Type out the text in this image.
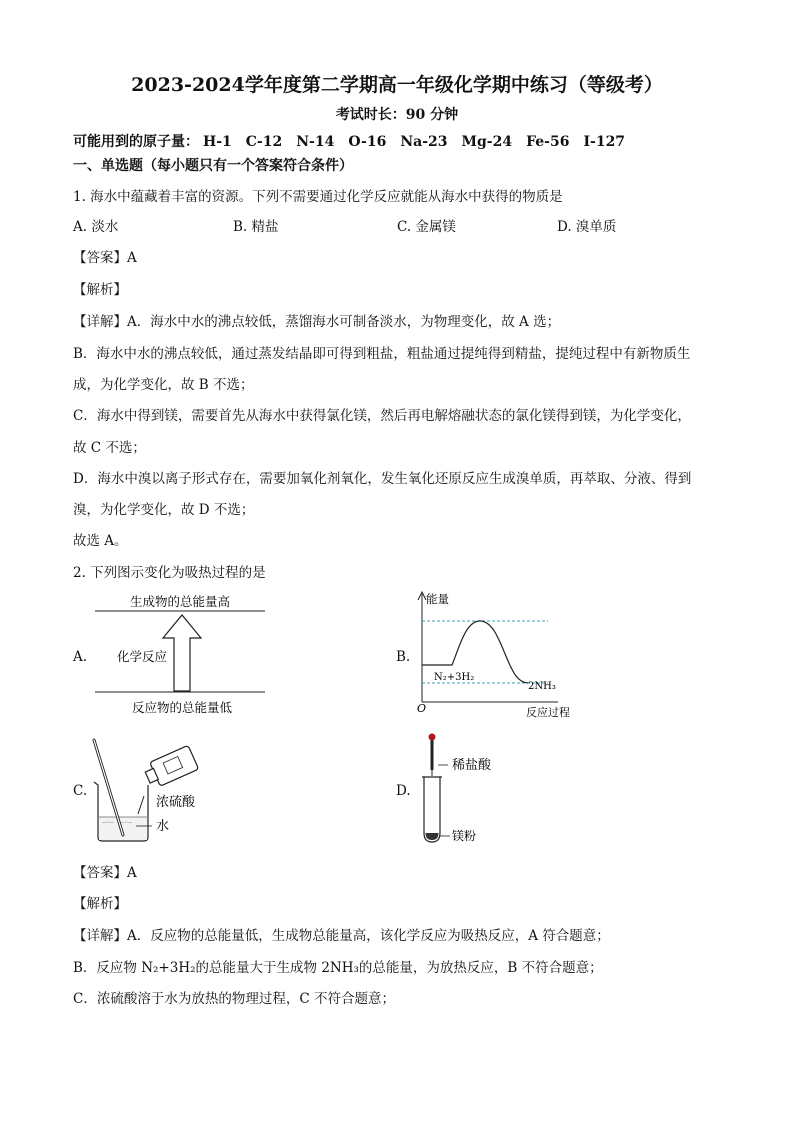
2023-2024学年度第二学期高一年级化学期中练习（等级考）
考试时长：90 分钟
可能用到的原子量： H-1 C-12 N-14 O-16 Na-23 Mg-24 Fe-56 I-127
一、单选题（每小题只有一个答案符合条件）
1. 海水中蕴藏着丰富的资源。下列不需要通过化学反应就能从海水中获得的物质是
A. 淡水	B. 精盐	C. 金属镁	D. 溴单质
【答案】A
【解析】
【详解】A．海水中水的沸点较低，蒸馏海水可制备淡水，为物理变化，故 A 选；
B．海水中水的沸点较低，通过蒸发结晶即可得到粗盐，粗盐通过提纯得到精盐，提纯过程中有新物质生
成，为化学变化，故 B 不选；
C．海水中得到镁，需要首先从海水中获得氯化镁，然后再电解熔融状态的氯化镁得到镁，为化学变化，
故 C 不选；
D．海水中溴以离子形式存在，需要加氧化剂氧化，发生氧化还原反应生成溴单质，再萃取、分液、得到
溴，为化学变化，故 D 不选；
故选 A。
2. 下列图示变化为吸热过程的是
A.	B.
C.	D.
生成物的总能量高
化学反应
反应物的总能量低
能量
O	反应过程
N₂+3H₂
2NH₃
浓硫酸
水
稀盐酸
镁粉
【答案】A
【解析】
【详解】A．反应物的总能量低，生成物总能量高，该化学反应为吸热反应，A 符合题意；
B．反应物 N₂+3H₂的总能量大于生成物 2NH₃的总能量，为放热反应，B 不符合题意；
C．浓硫酸溶于水为放热的物理过程，C 不符合题意；
